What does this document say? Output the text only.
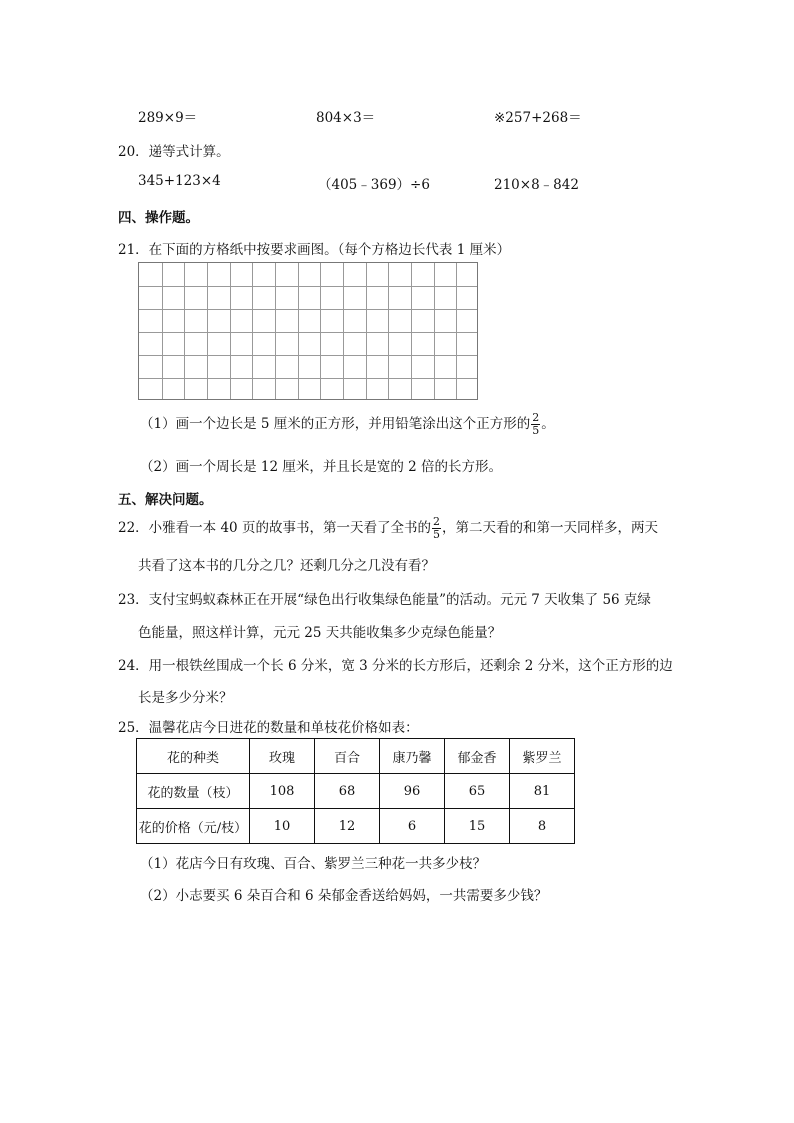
289×9＝	804×3＝	※257+268＝
20．递等式计算。
345+123×4	（405﹣369）÷6	210×8﹣842
四、操作题。
21．在下面的方格纸中按要求画图。（每个方格边长代表 1 厘米）
（1）画一个边长是 5 厘米的正方形，并用铅笔涂出这个正方形的 $\frac{2}{5}$ 。
（2）画一个周长是 12 厘米，并且长是宽的 2 倍的长方形。
五、解决问题。
22．小雅看一本 40 页的故事书，第一天看了全书的 $\frac{2}{5}$ ，第二天看的和第一天同样多，两天
共看了这本书的几分之几？还剩几分之几没有看？
23．支付宝蚂蚁森林正在开展“绿色出行收集绿色能量”的活动。元元 7 天收集了 56 克绿
色能量，照这样计算，元元 25 天共能收集多少克绿色能量？
24．用一根铁丝围成一个长 6 分米，宽 3 分米的长方形后，还剩余 2 分米，这个正方形的边
长是多少分米？
25．温馨花店今日进花的数量和单枝花价格如表：
花的种类	玫瑰	百合	康乃馨	郁金香	紫罗兰
花的数量（枝）	108	68	96	65	81
花的价格（元/枝）	10	12	6	15	8
（1）花店今日有玫瑰、百合、紫罗兰三种花一共多少枝？
（2）小志要买 6 朵百合和 6 朵郁金香送给妈妈，一共需要多少钱？
